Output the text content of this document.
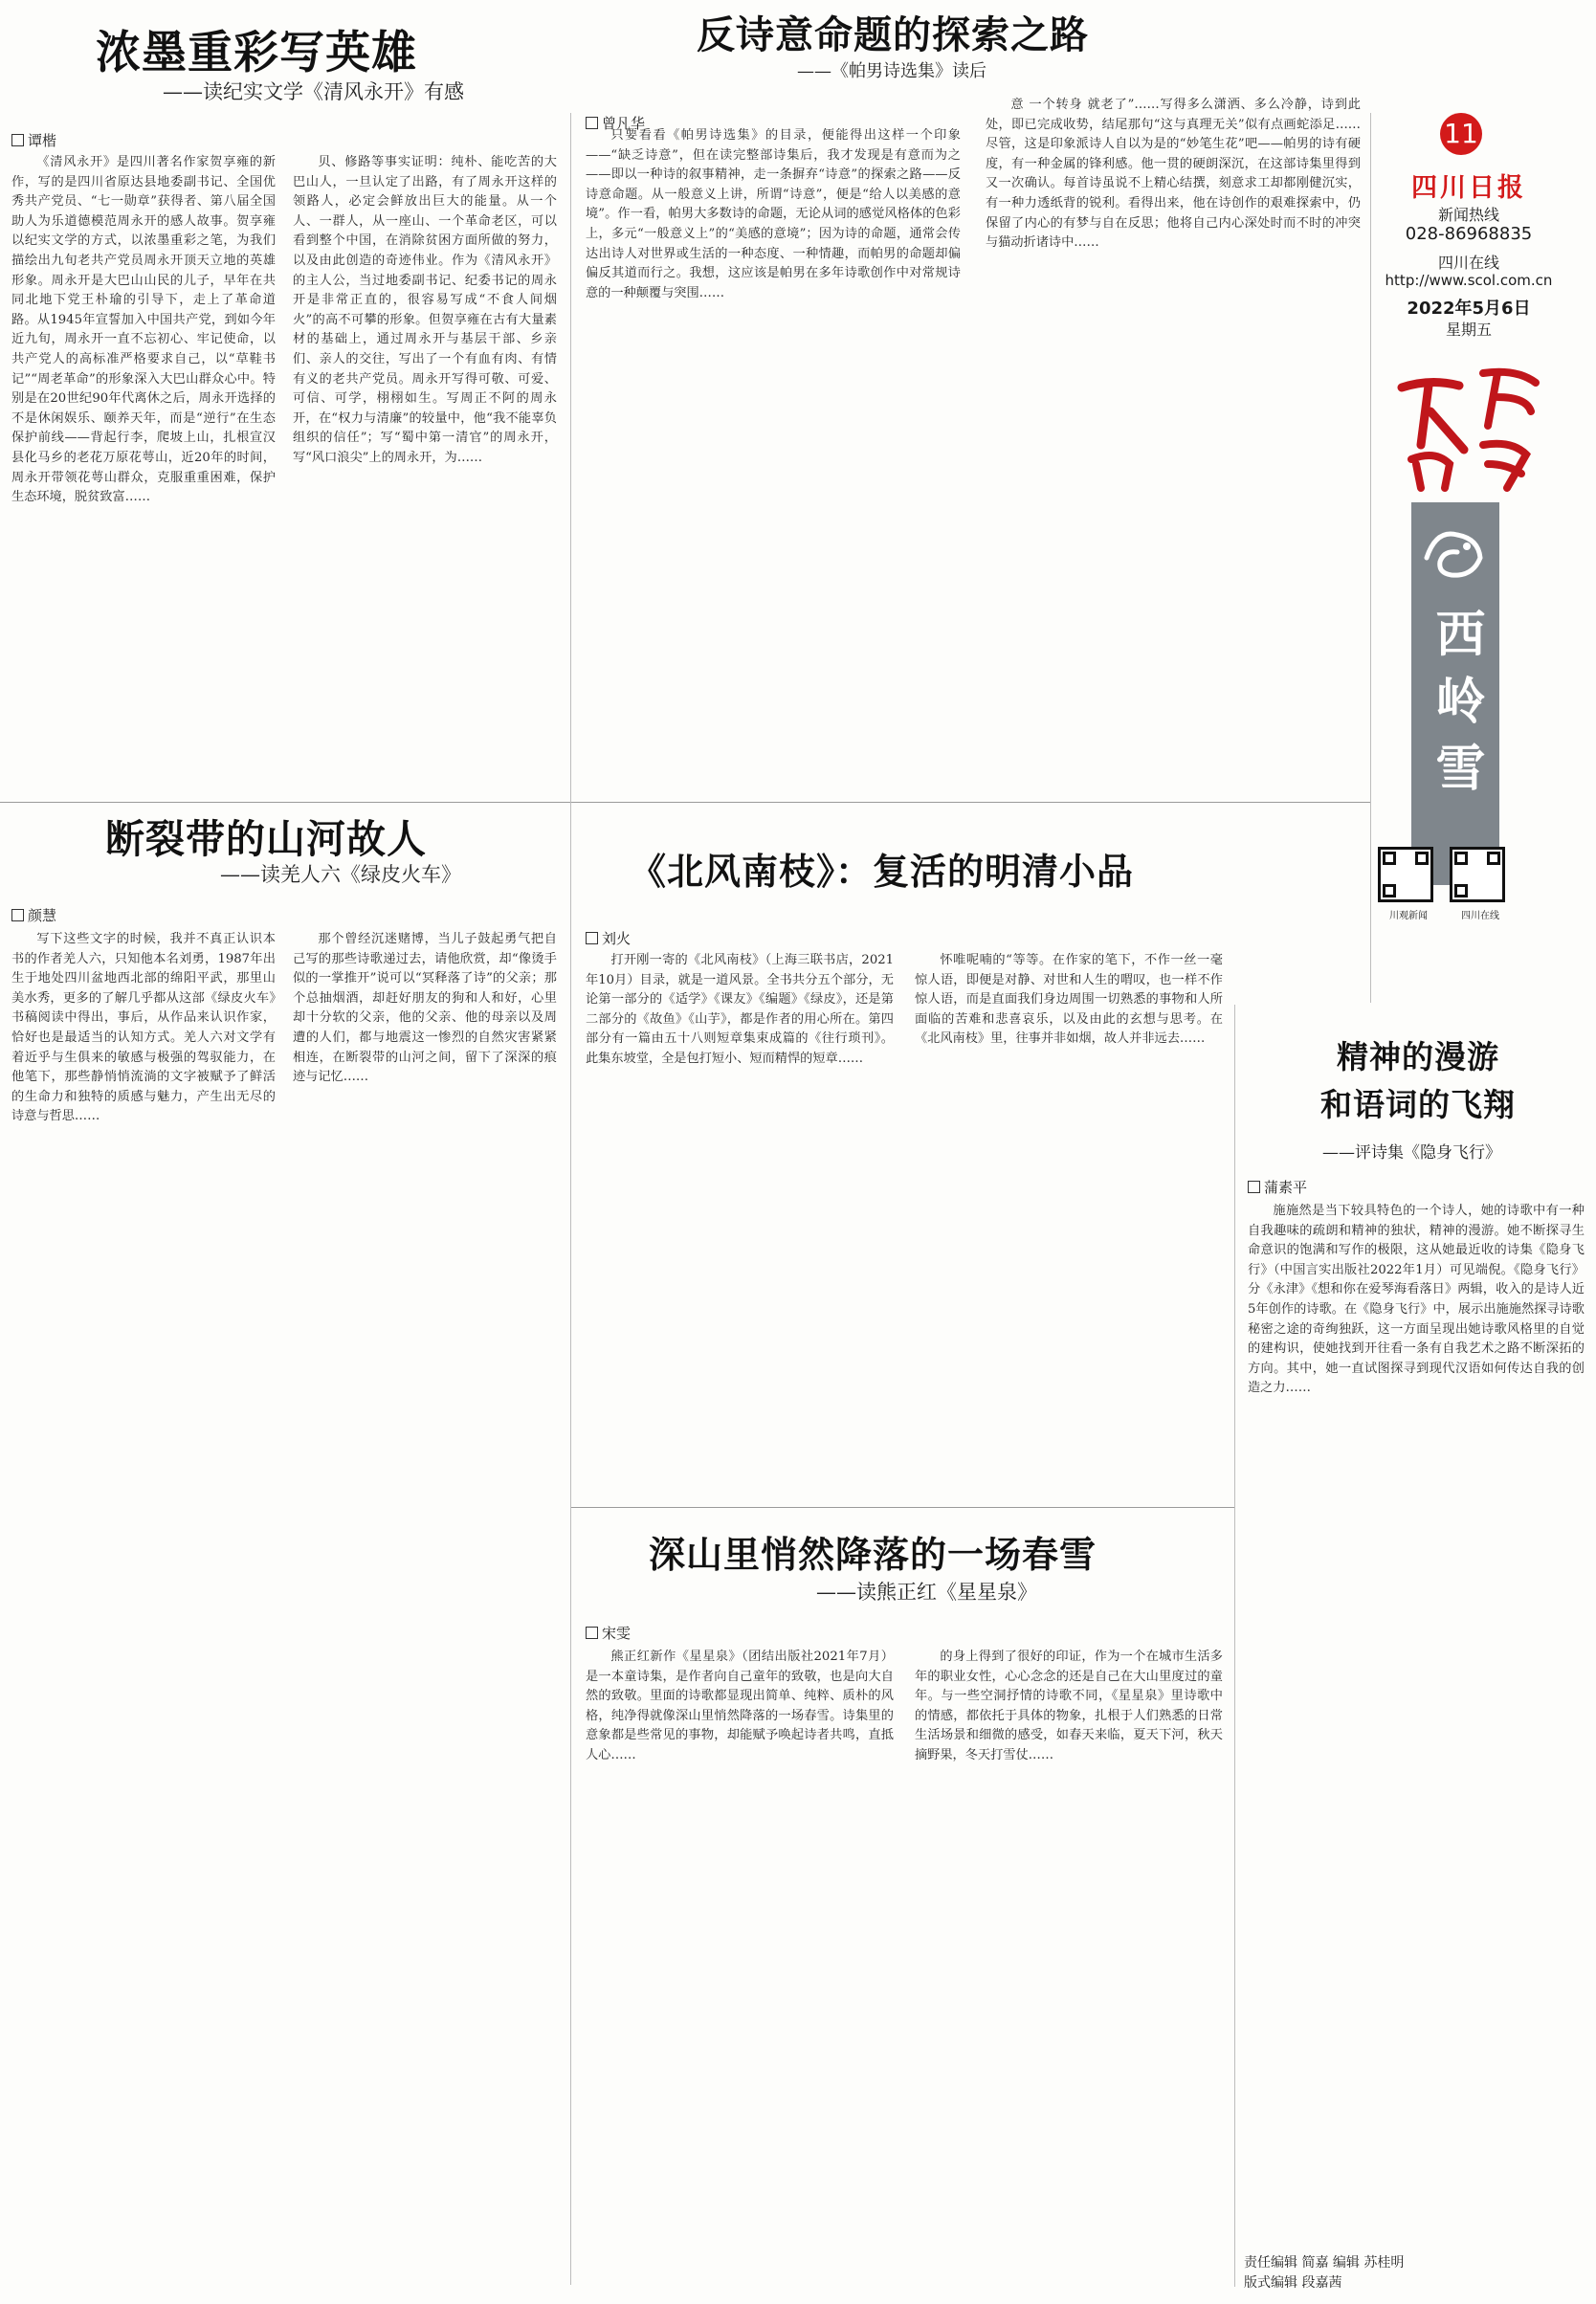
11
四川日报
新闻热线
028-86968835
四川在线
http://www.scol.com.cn
2022年5月6日
星期五
西岭雪
川观新闻	四川在线
浓墨重彩写英雄
——读纪实文学《清风永开》有感
谭楷

《清风永开》是四川著名作家贺享雍的新作，写的是四川省原达县地委副书记、全国优秀共产党员、“七一勋章”获得者、第八届全国助人为乐道德模范周永开的感人故事。贺享雍以纪实文学的方式，以浓墨重彩之笔，为我们描绘出九旬老共产党员周永开顶天立地的英雄形象。周永开是大巴山山民的儿子，早年在共同北地下党王朴瑜的引导下，走上了革命道路。从1945年宣誓加入中国共产党，到如今年近九旬，周永开一直不忘初心、牢记使命，以共产党人的高标准严格要求自己，以“草鞋书记”“周老革命”的形象深入大巴山群众心中。特别是在20世纪90年代离休之后，周永开选择的不是休闲娱乐、颐养天年，而是“逆行”在生态保护前线——背起行李，爬坡上山，扎根宣汉县化马乡的老花万原花萼山，近20年的时间，周永开带领花萼山群众，克服重重困难，保护生态环境，脱贫致富……

贝、修路等事实证明：纯朴、能吃苦的大巴山人，一旦认定了出路，有了周永开这样的领路人，必定会鲜放出巨大的能量。从一个人、一群人，从一座山、一个革命老区，可以看到整个中国，在消除贫困方面所做的努力，以及由此创造的奇迹伟业。作为《清风永开》的主人公，当过地委副书记、纪委书记的周永开是非常正直的，很容易写成“不食人间烟火”的高不可攀的形象。但贺享雍在古有大量素材的基础上，通过周永开与基层干部、乡亲们、亲人的交往，写出了一个有血有肉、有情有义的老共产党员。周永开写得可敬、可爱、可信、可学，栩栩如生。写周正不阿的周永开，在“权力与清廉”的较量中，他“我不能辜负组织的信任”；写“蜀中第一清官”的周永开，写“风口浪尖”上的周永开，为……

反诗意命题的探索之路
——《帕男诗选集》读后
曾凡华

只要看看《帕男诗选集》的目录，便能得出这样一个印象——“缺乏诗意”，但在读完整部诗集后，我才发现是有意而为之——即以一种诗的叙事精神，走一条摒弃“诗意”的探索之路——反诗意命题。从一般意义上讲，所谓“诗意”，便是“给人以美感的意境”。作一看，帕男大多数诗的命题，无论从词的感觉风格体的色彩上，多元“一般意义上”的“美感的意境”；因为诗的命题，通常会传达出诗人对世界或生活的一种态度、一种情趣，而帕男的命题却偏偏反其道而行之。我想，这应该是帕男在多年诗歌创作中对常规诗意的一种颠覆与突围……

意 一个转身 就老了”……写得多么潇洒、多么冷静，诗到此处，即已完成收势，结尾那句“这与真理无关”似有点画蛇添足……尽管，这是印象派诗人自以为是的“妙笔生花”吧——帕男的诗有硬度，有一种金属的锋利感。他一贯的硬朗深沉，在这部诗集里得到又一次确认。每首诗虽说不上精心结撰，刻意求工却都刚健沉实，有一种力透纸背的锐利。看得出来，他在诗创作的艰难探索中，仍保留了内心的有梦与自在反思；他将自己内心深处时而不时的冲突与猫动折诸诗中……

断裂带的山河故人
——读羌人六《绿皮火车》
颜慧

写下这些文字的时候，我并不真正认识本书的作者羌人六，只知他本名刘勇，1987年出生于地处四川盆地西北部的绵阳平武，那里山美水秀，更多的了解几乎都从这部《绿皮火车》书稿阅读中得出，事后，从作品来认识作家，恰好也是最适当的认知方式。羌人六对文学有着近乎与生俱来的敏感与极强的驾驭能力，在他笔下，那些静悄悄流淌的文字被赋予了鲜活的生命力和独特的质感与魅力，产生出无尽的诗意与哲思……

那个曾经沉迷赌博，当儿子鼓起勇气把自己写的那些诗歌递过去，请他欣赏，却“像烫手似的一掌推开”说可以“冥释落了诗”的父亲；那个总抽烟酒，却赶好朋友的狗和人和好，心里却十分软的父亲，他的父亲、他的母亲以及周遭的人们，都与地震这一惨烈的自然灾害紧紧相连，在断裂带的山河之间，留下了深深的痕迹与记忆……

《北风南枝》：复活的明清小品
刘火

打开刚一寄的《北风南枝》（上海三联书店，2021年10月）目录，就是一道风景。全书共分五个部分，无论第一部分的《适学》《课友》《编题》《绿皮》，还是第二部分的《故鱼》《山芋》，都是作者的用心所在。第四部分有一篇由五十八则短章集束成篇的《往行琐刊》。此集东坡堂，全是包打短小、短而精悍的短章……

怀唯呢喃的“等等。在作家的笔下，不作一丝一毫惊人语，即便是对静、对世和人生的喟叹，也一样不作惊人语，而是直面我们身边周围一切熟悉的事物和人所面临的苦难和悲喜哀乐，以及由此的玄想与思考。在《北风南枝》里，往事并非如烟，故人并非远去……

深山里悄然降落的一场春雪
——读熊正红《星星泉》
宋雯

熊正红新作《星星泉》（团结出版社2021年7月）是一本童诗集，是作者向自己童年的致敬，也是向大自然的致敬。里面的诗歌都显现出简单、纯粹、质朴的风格，纯净得就像深山里悄然降落的一场春雪。诗集里的意象都是些常见的事物，却能赋予唤起诗者共鸣，直抵人心……

的身上得到了很好的印证，作为一个在城市生活多年的职业女性，心心念念的还是自己在大山里度过的童年。与一些空洞抒情的诗歌不同，《星星泉》里诗歌中的情感，都依托于具体的物象，扎根于人们熟悉的日常生活场景和细微的感受，如春天来临，夏天下河，秋天摘野果，冬天打雪仗……

精神的漫游
和语词的飞翔
——评诗集《隐身飞行》
蒲素平

施施然是当下较具特色的一个诗人，她的诗歌中有一种自我趣味的疏朗和精神的独状，精神的漫游。她不断探寻生命意识的饱满和写作的极限，这从她最近收的诗集《隐身飞行》（中国言实出版社2022年1月）可见端倪。《隐身飞行》分《永津》《想和你在爱琴海看落日》两辑，收入的是诗人近5年创作的诗歌。在《隐身飞行》中，展示出施施然探寻诗歌秘密之途的奇绚独跃，这一方面呈现出她诗歌风格里的自觉的建构识，使她找到开往看一条有自我艺术之路不断深拓的方向。其中，她一直试图探寻到现代汉语如何传达自我的创造之力……

责任编辑 简嘉 编辑 苏桂明
版式编辑 段嘉茜
